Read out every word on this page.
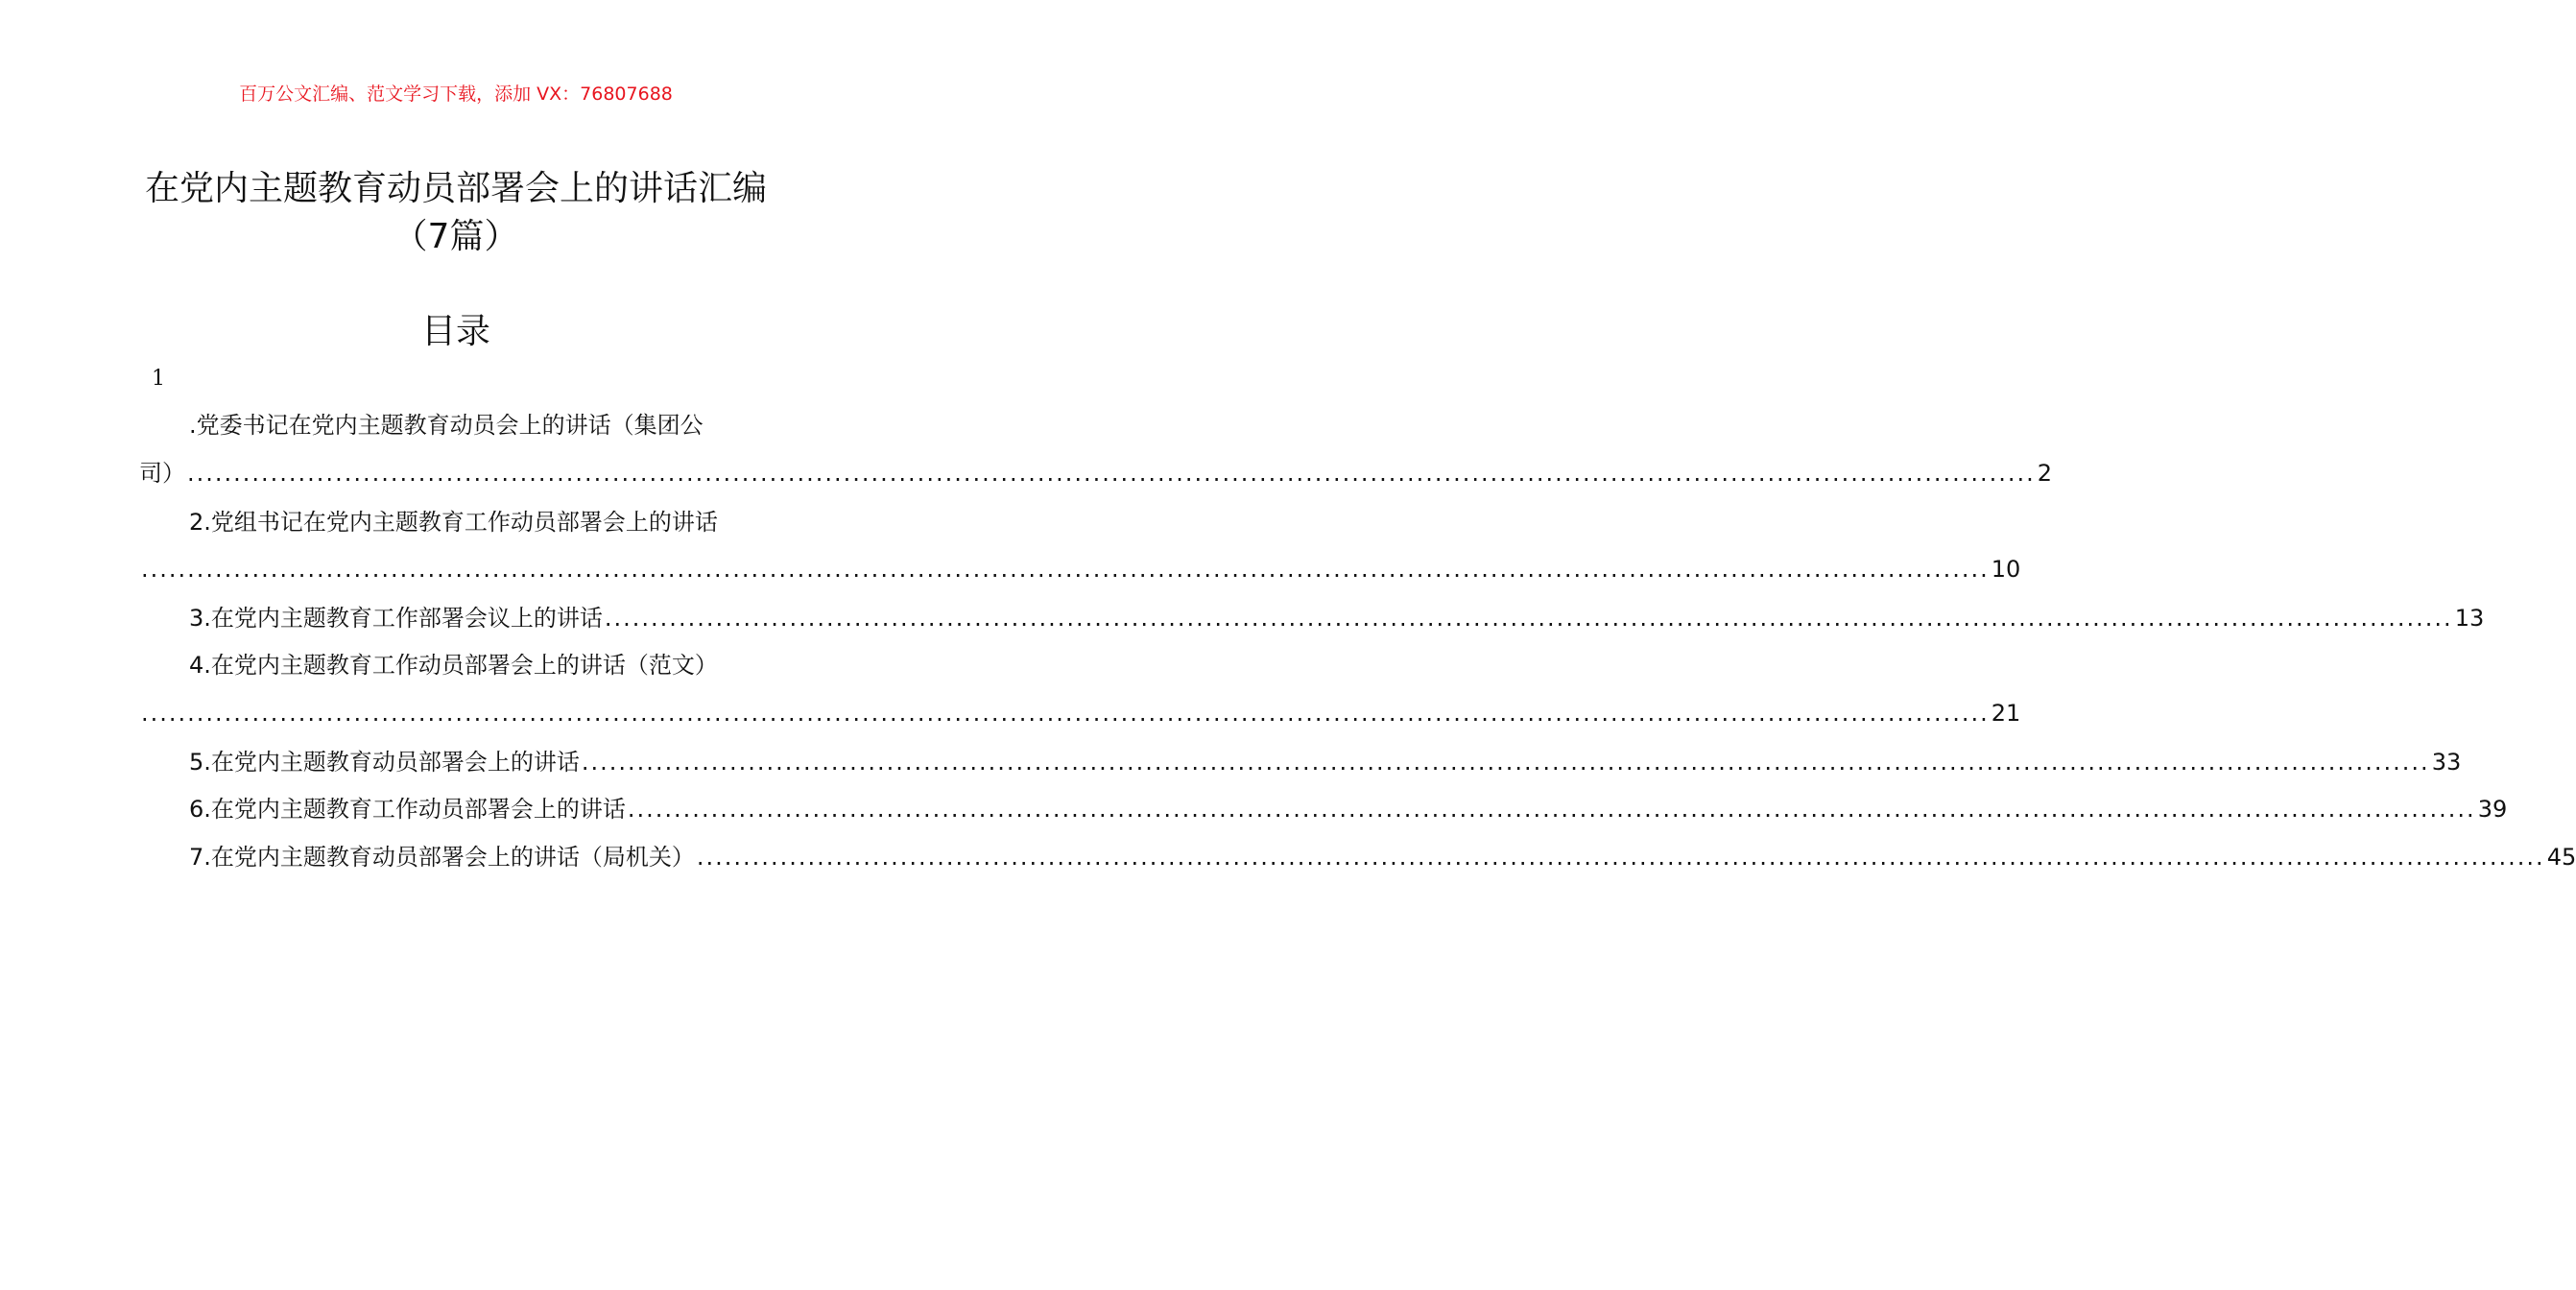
百万公文汇编、范文学习下载，添加 VX：76807688
在党内主题教育动员部署会上的讲话汇编
（7篇）
目录
1
.党委书记在党内主题教育动员会上的讲话（集团公
司） ........................................................................................................................................................................................................ 2
2.党组书记在党内主题教育工作动员部署会上的讲话
........................................................................................................................................................................................................ 10
3.在党内主题教育工作部署会议上的讲话 ........................................................................................................................................................................................................ 13
4.在党内主题教育工作动员部署会上的讲话（范文）
........................................................................................................................................................................................................ 21
5.在党内主题教育动员部署会上的讲话 ........................................................................................................................................................................................................ 33
6.在党内主题教育工作动员部署会上的讲话 ........................................................................................................................................................................................................ 39
7.在党内主题教育动员部署会上的讲话（局机关） ........................................................................................................................................................................................................ 45
